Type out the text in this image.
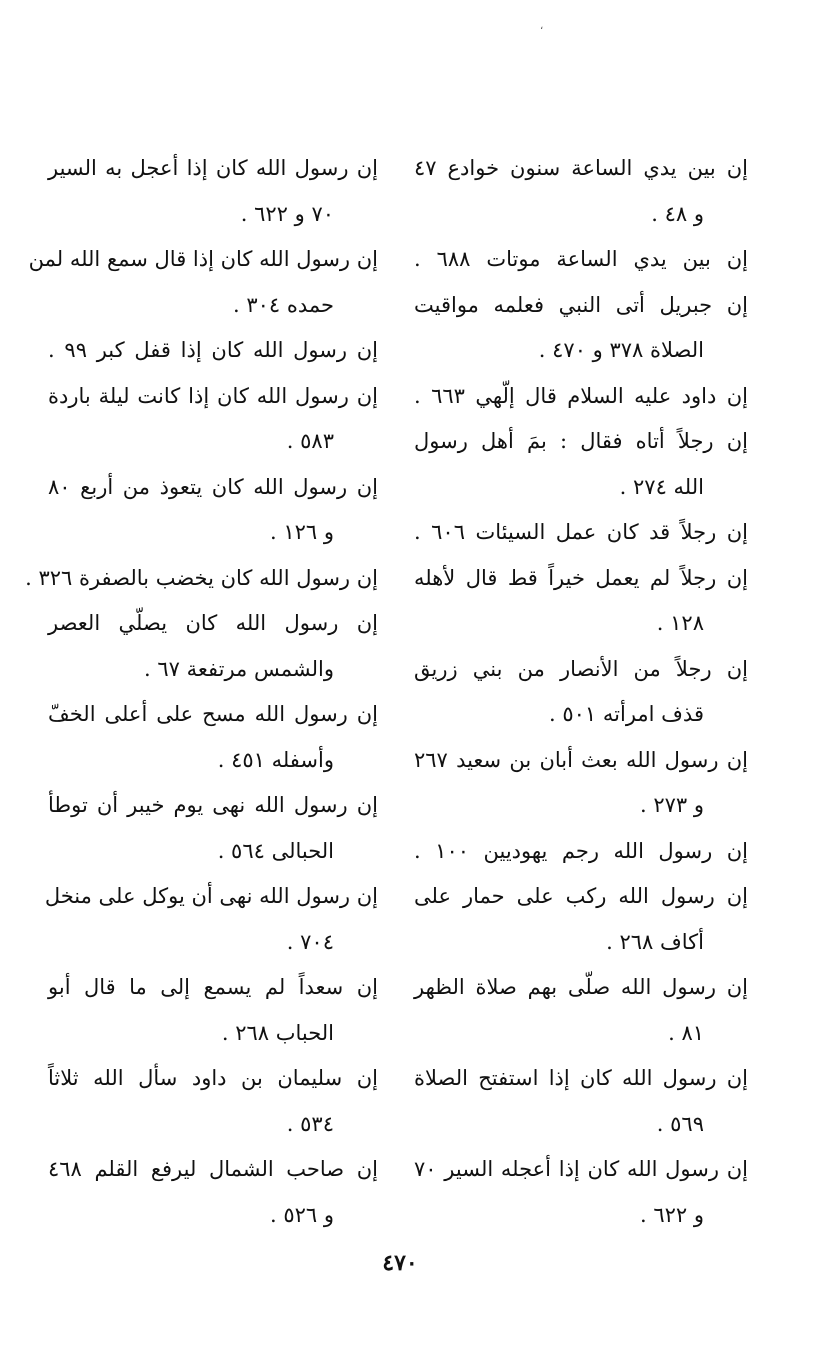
،
إن بين يدي الساعة سنون خوادع ٤٧
و ٤٨ .
إن بين يدي الساعة موتات ٦٨٨ .
إن جبريل أتى النبي فعلمه مواقيت
الصلاة ٣٧٨ و ٤٧٠ .
إن داود عليه السلام قال إلّهي ٦٦٣ .
إن رجلاً أتاه فقال : بمَ أهل رسول
الله ٢٧٤ .
إن رجلاً قد كان عمل السيئات ٦٠٦ .
إن رجلاً لم يعمل خيراً قط قال لأهله
١٢٨ .
إن رجلاً من الأنصار من بني زريق
قذف امرأته ٥٠١ .
إن رسول الله بعث أبان بن سعيد ٢٦٧
و ٢٧٣ .
إن رسول الله رجم يهوديين ١٠٠ .
إن رسول الله ركب على حمار على
أكاف ٢٦٨ .
إن رسول الله صلّى بهم صلاة الظهر
٨١ .
إن رسول الله كان إذا استفتح الصلاة
٥٦٩ .
إن رسول الله كان إذا أعجله السير ٧٠
و ٦٢٢ .
إن رسول الله كان إذا أعجل به السير
٧٠ و ٦٢٢ .
إن رسول الله كان إذا قال سمع الله لمن
حمده ٣٠٤ .
إن رسول الله كان إذا قفل كبر ٩٩ .
إن رسول الله كان إذا كانت ليلة باردة
٥٨٣ .
إن رسول الله كان يتعوذ من أربع ٨٠
و ١٢٦ .
إن رسول الله كان يخضب بالصفرة ٣٢٦ .
إن رسول الله كان يصلّي العصر
والشمس مرتفعة ٦٧ .
إن رسول الله مسح على أعلى الخفّ
وأسفله ٤٥١ .
إن رسول الله نهى يوم خيبر أن توطأ
الحبالى ٥٦٤ .
إن رسول الله نهى أن يوكل على منخل
٧٠٤ .
إن سعداً لم يسمع إلى ما قال أبو
الحباب ٢٦٨ .
إن سليمان بن داود سأل الله ثلاثاً
٥٣٤ .
إن صاحب الشمال ليرفع القلم ٤٦٨
و ٥٢٦ .
٤٧٠
